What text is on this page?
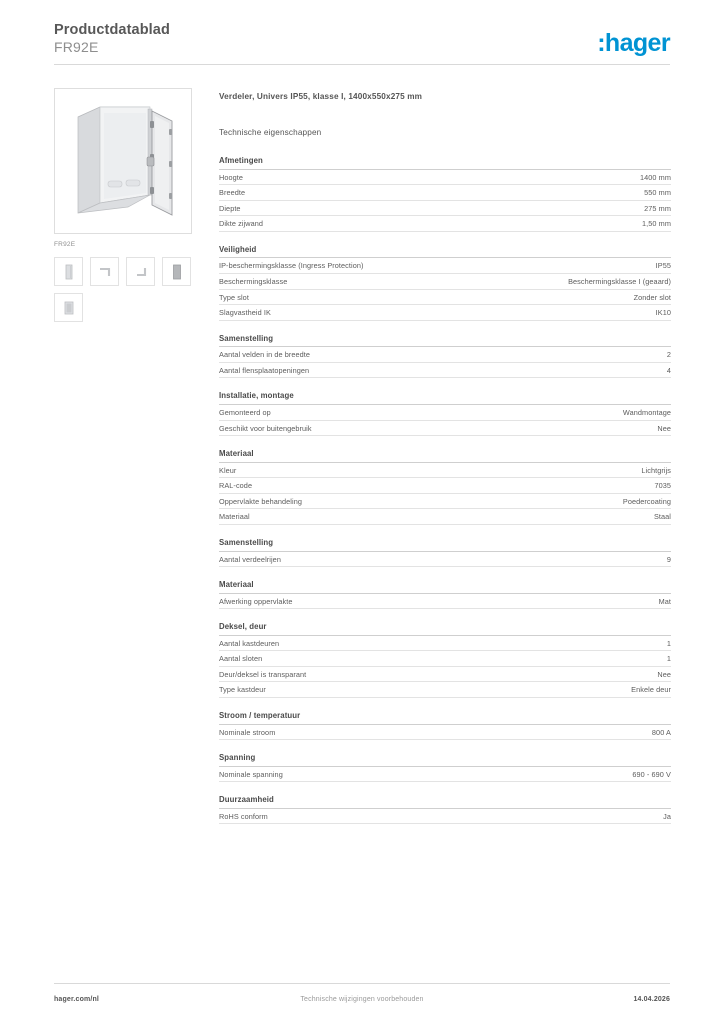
Productdatablad
FR92E	:hager
FR92E
Verdeler, Univers IP55, klasse I, 1400x550x275 mm
Technische eigenschappen
Afmetingen
Hoogte	1400 mm
Breedte	550 mm
Diepte	275 mm
Dikte zijwand	1,50 mm
Veiligheid
IP-beschermingsklasse (Ingress Protection)	IP55
Beschermingsklasse	Beschermingsklasse I (geaard)
Type slot	Zonder slot
Slagvastheid IK	IK10
Samenstelling
Aantal velden in de breedte	2
Aantal flensplaatopeningen	4
Installatie, montage
Gemonteerd op	Wandmontage
Geschikt voor buitengebruik	Nee
Materiaal
Kleur	Lichtgrijs
RAL-code	7035
Oppervlakte behandeling	Poedercoating
Materiaal	Staal
Samenstelling
Aantal verdeelrijen	9
Materiaal
Afwerking oppervlakte	Mat
Deksel, deur
Aantal kastdeuren	1
Aantal sloten	1
Deur/deksel is transparant	Nee
Type kastdeur	Enkele deur
Stroom / temperatuur
Nominale stroom	800 A
Spanning
Nominale spanning	690 - 690 V
Duurzaamheid
RoHS conform	Ja
hager.com/nl	Technische wijzigingen voorbehouden	14.04.2026
